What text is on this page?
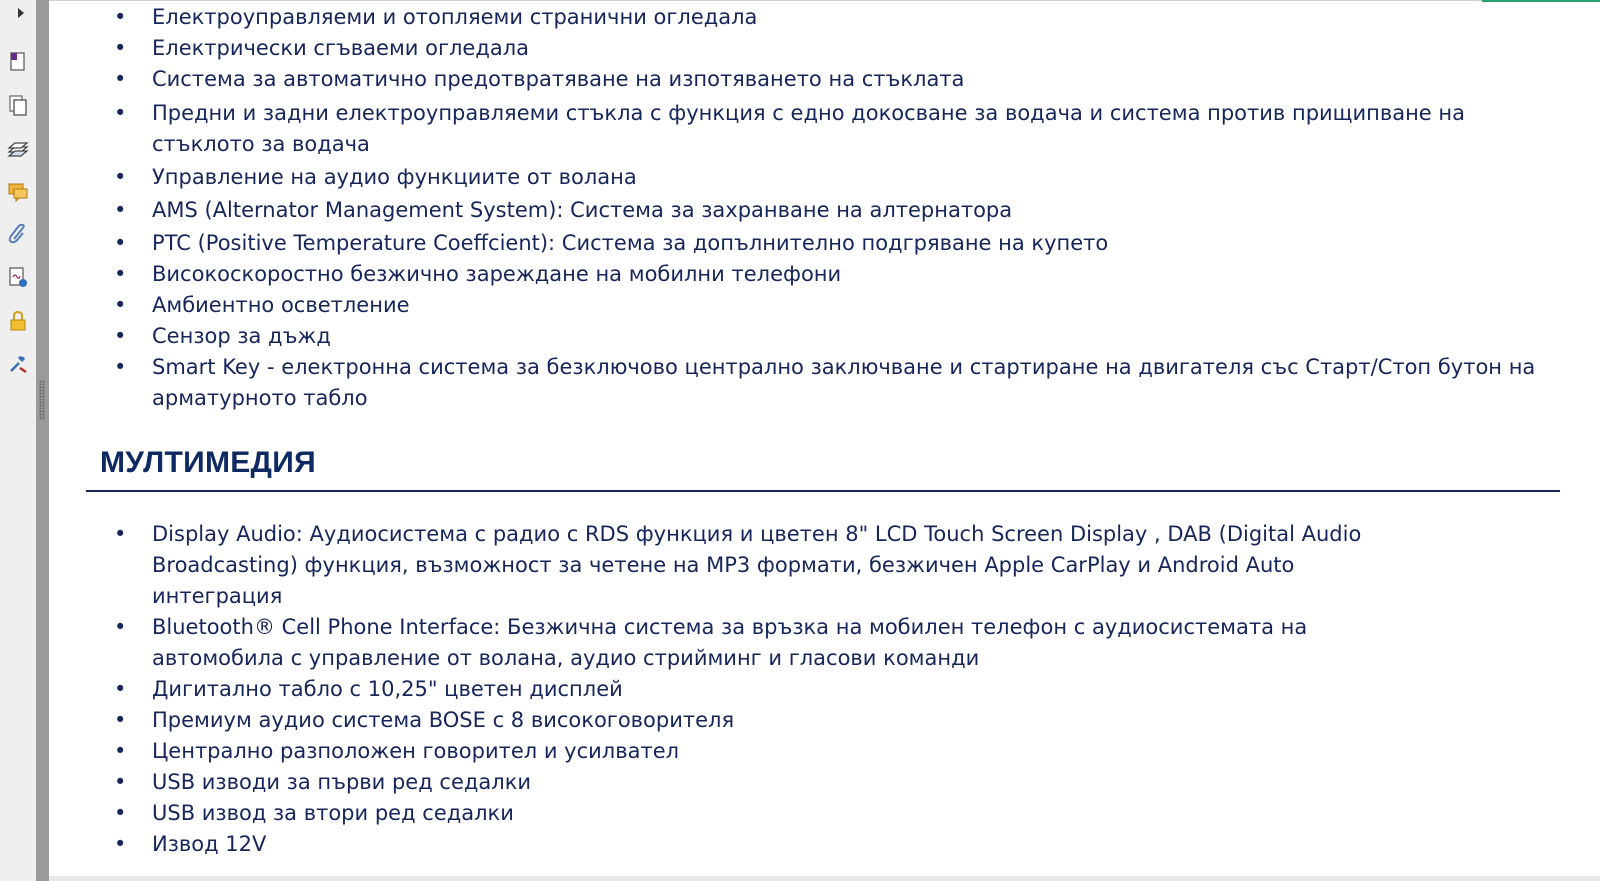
• Електроуправляеми и отопляеми странични огледала
• Електрически сгъваеми огледала
• Система за автоматично предотвратяване на изпотяването на стъклата
• Предни и задни електроуправляеми стъкла с функция с едно докосване за водача и система против прищипване на стъклото за водача
• Управление на аудио функциите от волана
• AMS (Alternator Management System): Система за захранване на алтернатора
• PTC (Positive Temperature Coeffcient): Система за допълнително подгряване на купето
• Високоскоростно безжично зареждане на мобилни телефони
• Амбиентно осветление
• Сензор за дъжд
• Smart Key - електронна система за безключово централно заключване и стартиране на двигателя със Старт/Стоп бутон на арматурното табло
МУЛТИМЕДИЯ
• Display Audio: Аудиосистема с радио с RDS функция и цветен 8" LCD Touch Screen Display , DAB (Digital Audio Broadcasting) функция, възможност за четене на MP3 формати, безжичен Apple CarPlay и Android Auto интеграция
• Bluetooth® Cell Phone Interface: Безжична система за връзка на мобилен телефон с аудиосистемата на автомобила с управление от волана, аудио стрийминг и гласови команди
• Дигитално табло с 10,25" цветен дисплей
• Премиум аудио система BOSE с 8 високоговорителя
• Централно разположен говорител и усилвател
• USB изводи за първи ред седалки
• USB извод за втори ред седалки
• Извод 12V
